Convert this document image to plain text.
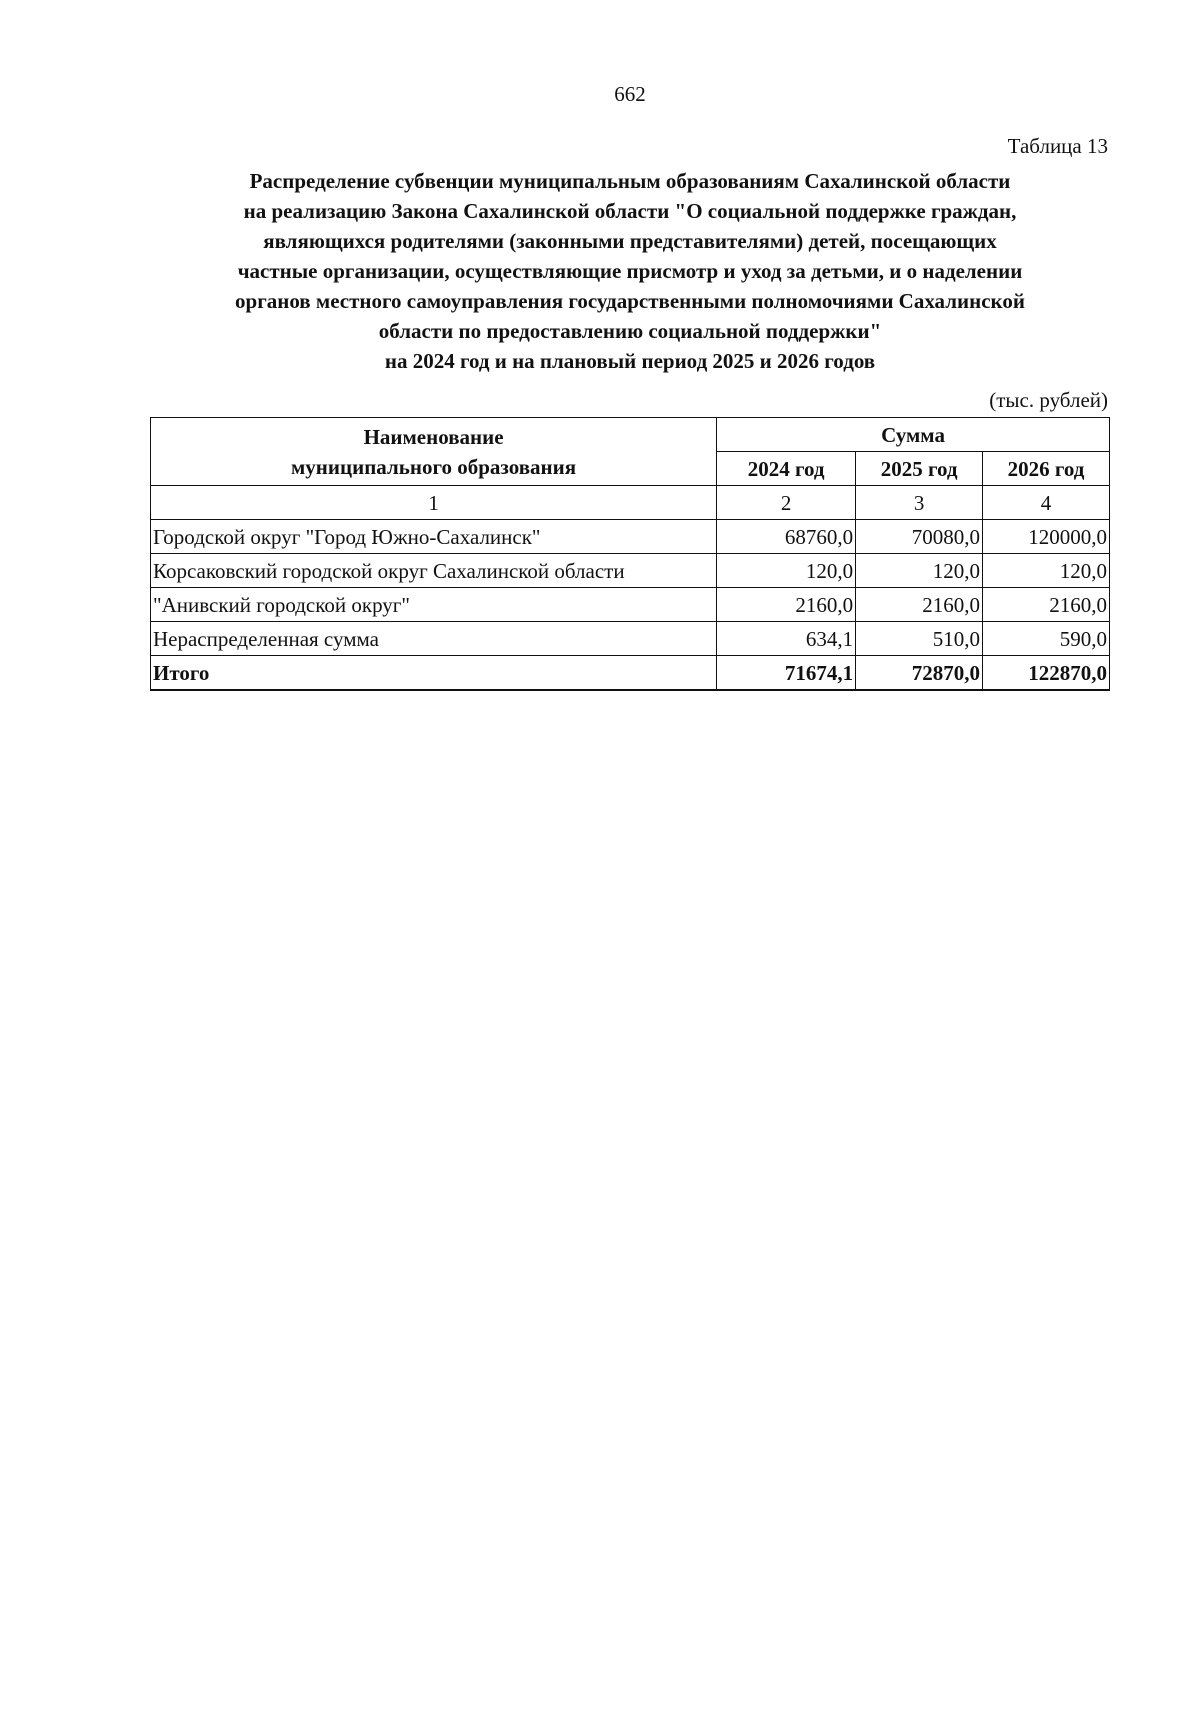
662
Таблица 13
Распределение субвенции муниципальным образованиям Сахалинской области
на реализацию Закона Сахалинской области "О социальной поддержке граждан,
являющихся родителями (законными представителями) детей, посещающих
частные организации, осуществляющие присмотр и уход за детьми, и о наделении
органов местного самоуправления государственными полномочиями Сахалинской
области по предоставлению социальной поддержки"
на 2024 год и на плановый период 2025 и 2026 годов
(тыс. рублей)
Наименование
муниципального образования	Сумма		
	2024 год	2025 год	2026 год
1	2	3	4
Городской округ "Город Южно-Сахалинск"	68760,0	70080,0	120000,0
Корсаковский городской округ Сахалинской области	120,0	120,0	120,0
"Анивский городской округ"	2160,0	2160,0	2160,0
Нераспределенная сумма	634,1	510,0	590,0
Итого	71674,1	72870,0	122870,0
